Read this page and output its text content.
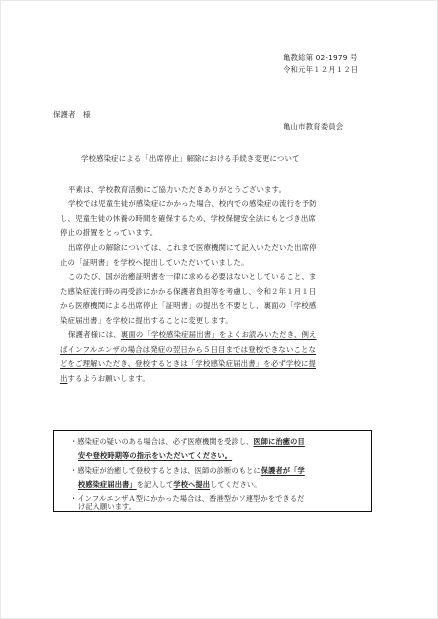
亀教総第 02-1979 号
令和元年１２月１２日
保護者　様
亀山市教育委員会
学校感染症による「出席停止」解除における手続き変更について
平素は、学校教育活動にご協力いただきありがとうございます。
学校では児童生徒が感染症にかかった場合、校内での感染症の流行を予防
し、児童生徒の休養の時間を確保するため、学校保健安全法にもとづき出席
停止の措置をとっています。
出席停止の解除については、これまで医療機関にて記入いただいた出席停
止の「証明書」を学校へ提出していただいていました。
このたび、国が治癒証明書を一律に求める必要はないとしていること、ま
た感染症流行時の再受診にかかる保護者負担等を考慮し、令和２年１月１日
から医療機関による出席停止「証明書」の提出を不要とし、裏面の「学校感
染症届出書」を学校に提出することに変更します。
保護者様には、裏面の「学校感染症届出書」をよくお読みいただき、例え
ばインフルエンザの場合は発症の翌日から５日目までは登校できないことな
どをご理解いただき、登校するときは「学校感染症届出書」を必ず学校に提
出するようお願いします。
・感染症の疑いのある場合は、必ず医療機関を受診し、医師に治癒の目
安や登校時期等の指示をいただいてください。
・感染症が治癒して登校するときは、医師の診断のもとに保護者が「学
校感染症届出書」を記入して学校へ提出してください。
・インフルエンザＡ型にかかった場合は、香港型かソ連型かをできるだ
け記入願います。
